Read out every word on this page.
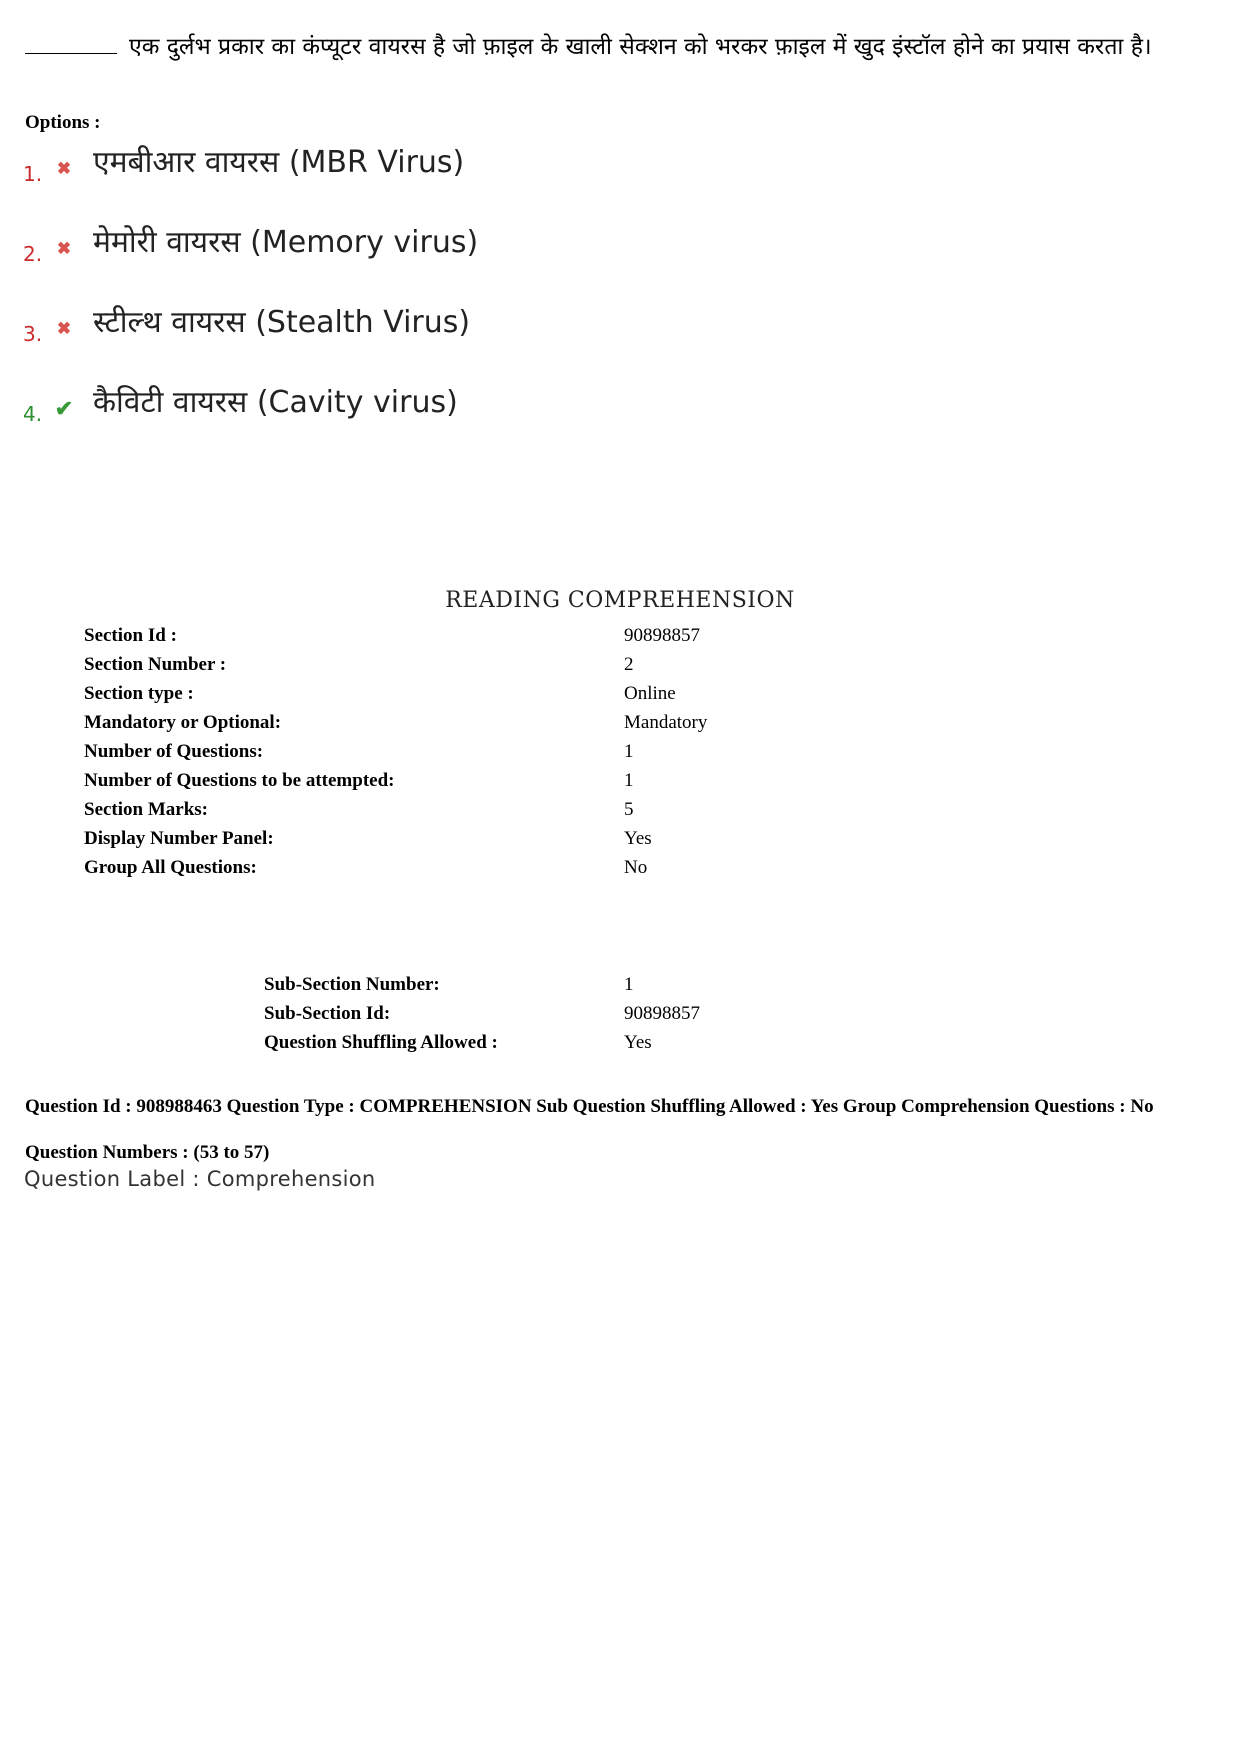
एक दुर्लभ प्रकार का कंप्यूटर वायरस है जो फ़ाइल के खाली सेक्शन को भरकर फ़ाइल में खुद इंस्टॉल होने का प्रयास करता है।
Options :
1. ✖ एमबीआर वायरस (MBR Virus)
2. ✖ मेमोरी वायरस (Memory virus)
3. ✖ स्टील्थ वायरस (Stealth Virus)
4. ✔ कैविटी वायरस (Cavity virus)
READING COMPREHENSION
Section Id :	90898857
Section Number :	2
Section type :	Online
Mandatory or Optional:	Mandatory
Number of Questions:	1
Number of Questions to be attempted:	1
Section Marks:	5
Display Number Panel:	Yes
Group All Questions:	No
Sub-Section Number:	1
Sub-Section Id:	90898857
Question Shuffling Allowed :	Yes
Question Id : 908988463 Question Type : COMPREHENSION Sub Question Shuffling Allowed : Yes Group Comprehension Questions : No
Question Numbers : (53 to 57)
Question Label : Comprehension
